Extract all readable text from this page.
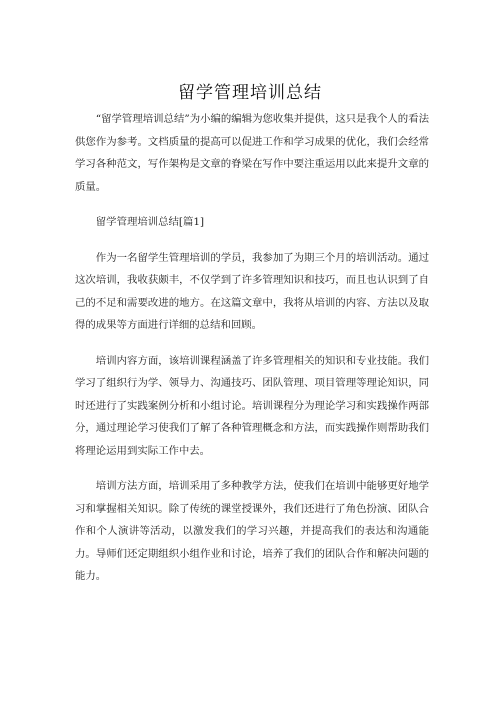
留学管理培训总结

“留学管理培训总结”为小编的编辑为您收集并提供，这只是我个人的看法供您作为参考。文档质量的提高可以促进工作和学习成果的优化，我们会经常学习各种范文，写作架构是文章的脊梁在写作中要注重运用以此来提升文章的质量。

留学管理培训总结[篇1]

作为一名留学生管理培训的学员，我参加了为期三个月的培训活动。通过这次培训，我收获颇丰，不仅学到了许多管理知识和技巧，而且也认识到了自己的不足和需要改进的地方。在这篇文章中，我将从培训的内容、方法以及取得的成果等方面进行详细的总结和回顾。

培训内容方面，该培训课程涵盖了许多管理相关的知识和专业技能。我们学习了组织行为学、领导力、沟通技巧、团队管理、项目管理等理论知识，同时还进行了实践案例分析和小组讨论。培训课程分为理论学习和实践操作两部分，通过理论学习使我们了解了各种管理概念和方法，而实践操作则帮助我们将理论运用到实际工作中去。

培训方法方面，培训采用了多种教学方法，使我们在培训中能够更好地学习和掌握相关知识。除了传统的课堂授课外，我们还进行了角色扮演、团队合作和个人演讲等活动，以激发我们的学习兴趣，并提高我们的表达和沟通能力。导师们还定期组织小组作业和讨论，培养了我们的团队合作和解决问题的能力。
